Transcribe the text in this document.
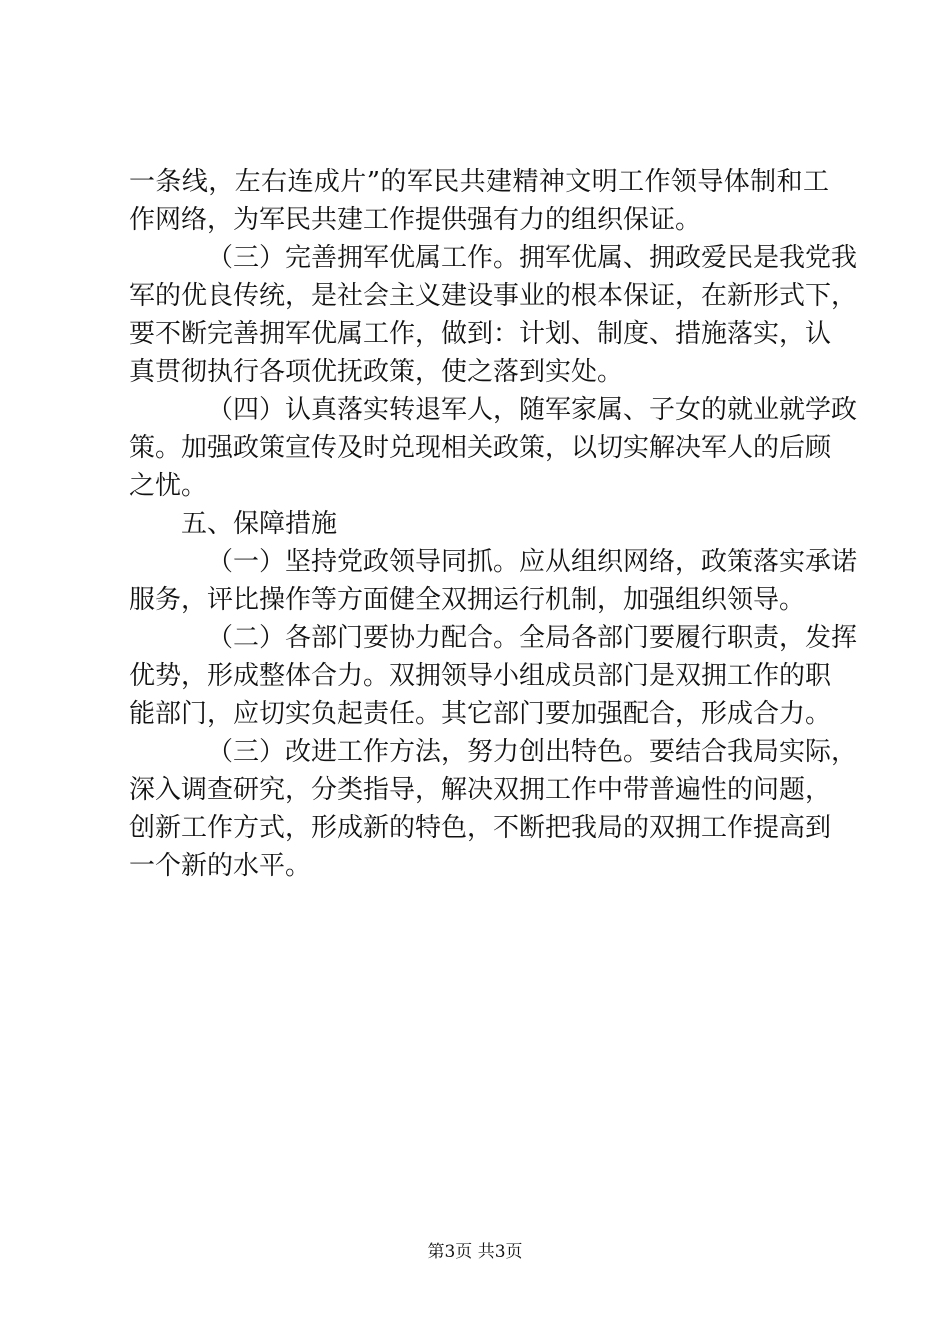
一条线，左右连成片”的军民共建精神文明工作领导体制和工
作网络，为军民共建工作提供强有力的组织保证。
（三）完善拥军优属工作。拥军优属、拥政爱民是我党我
军的优良传统，是社会主义建设事业的根本保证，在新形式下，
要不断完善拥军优属工作，做到：计划、制度、措施落实，认
真贯彻执行各项优抚政策，使之落到实处。
（四）认真落实转退军人，随军家属、子女的就业就学政
策。加强政策宣传及时兑现相关政策，以切实解决军人的后顾
之忧。
五、保障措施
（一）坚持党政领导同抓。应从组织网络，政策落实承诺
服务，评比操作等方面健全双拥运行机制，加强组织领导。
（二）各部门要协力配合。全局各部门要履行职责，发挥
优势，形成整体合力。双拥领导小组成员部门是双拥工作的职
能部门，应切实负起责任。其它部门要加强配合，形成合力。
（三）改进工作方法，努力创出特色。要结合我局实际，
深入调查研究，分类指导，解决双拥工作中带普遍性的问题，
创新工作方式，形成新的特色，不断把我局的双拥工作提高到
一个新的水平。
第3页 共3页
